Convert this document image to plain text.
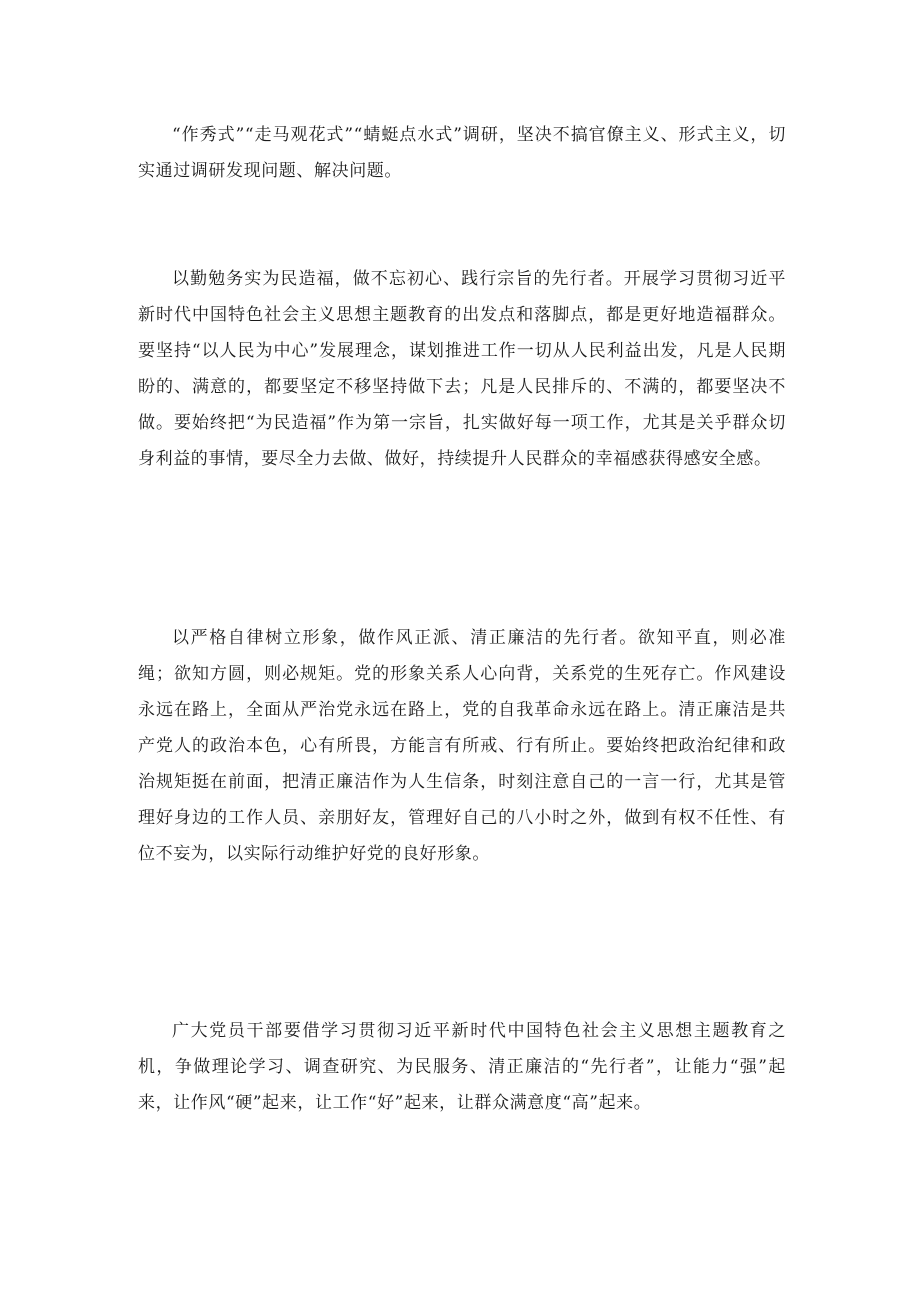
“作秀式”“走马观花式”“蜻蜓点水式”调研，坚决不搞官僚主义、形式主义，切实通过调研发现问题、解决问题。

以勤勉务实为民造福，做不忘初心、践行宗旨的先行者。开展学习贯彻习近平新时代中国特色社会主义思想主题教育的出发点和落脚点，都是更好地造福群众。要坚持“以人民为中心”发展理念，谋划推进工作一切从人民利益出发，凡是人民期盼的、满意的，都要坚定不移坚持做下去；凡是人民排斥的、不满的，都要坚决不做。要始终把“为民造福”作为第一宗旨，扎实做好每一项工作，尤其是关乎群众切身利益的事情，要尽全力去做、做好，持续提升人民群众的幸福感获得感安全感。

以严格自律树立形象，做作风正派、清正廉洁的先行者。欲知平直，则必准绳；欲知方圆，则必规矩。党的形象关系人心向背，关系党的生死存亡。作风建设永远在路上，全面从严治党永远在路上，党的自我革命永远在路上。清正廉洁是共产党人的政治本色，心有所畏，方能言有所戒、行有所止。要始终把政治纪律和政治规矩挺在前面，把清正廉洁作为人生信条，时刻注意自己的一言一行，尤其是管理好身边的工作人员、亲朋好友，管理好自己的八小时之外，做到有权不任性、有位不妄为，以实际行动维护好党的良好形象。

广大党员干部要借学习贯彻习近平新时代中国特色社会主义思想主题教育之机，争做理论学习、调查研究、为民服务、清正廉洁的“先行者”，让能力“强”起来，让作风“硬”起来，让工作“好”起来，让群众满意度“高”起来。
